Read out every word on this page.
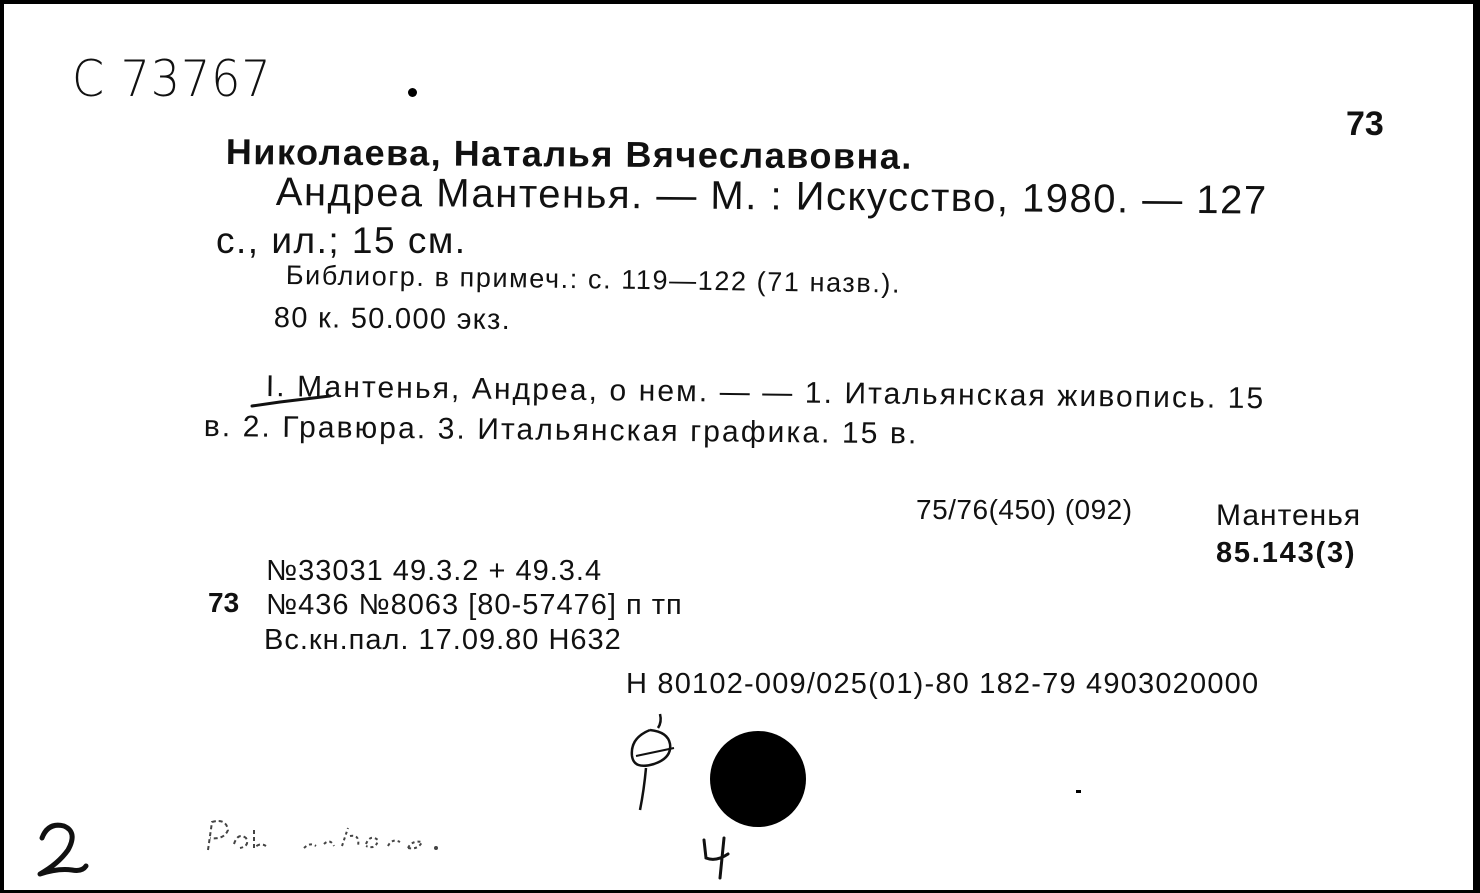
C 73767
73
Николаева, Наталья Вячеславовна.
Андреа Мантенья. — М. : Искусство, 1980. — 127
с., ил.; 15 см.
Библиогр. в примеч.: с. 119—122 (71 назв.).
80 к. 50.000 экз.
I. Мантенья, Андреа, о нем. — — 1. Итальянская живопись. 15
в. 2. Гравюра. 3. Итальянская графика. 15 в.
75/76(450) (092)	Мантенья
85.143(3)
№33031 49.3.2 + 49.3.4
73 №436 №8063 [80-57476] п тп
Вс.кн.пал. 17.09.80 Н632
Н 80102-009/025(01)-80 182-79 4903020000
